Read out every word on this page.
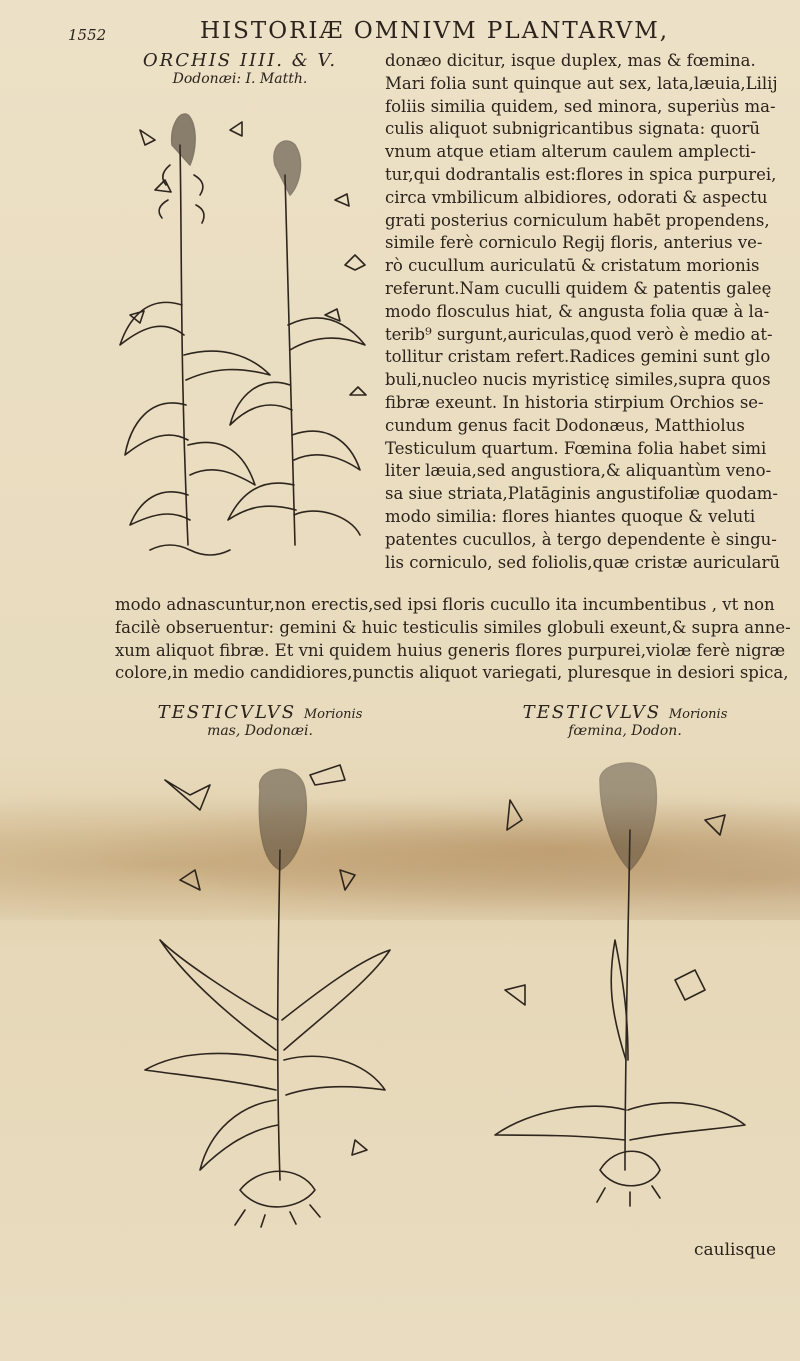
1552	HISTORIÆ OMNIVM PLANTARVM,
ORCHIS IIII. & V.
Dodonæi: I. Matth.
donæo dicitur, isque duplex, mas & fœmina.
Mari folia sunt quinque aut sex, lata,læuia,Lilij
foliis similia quidem, sed minora, superiùs ma-
culis aliquot subnigricantibus signata: quorū
vnum atque etiam alterum caulem amplecti-
tur,qui dodrantalis est:flores in spica purpurei,
circa vmbilicum albidiores, odorati & aspectu
grati posterius corniculum habēt propendens,
simile ferè corniculo Regij floris, anterius ve-
rò cucullum auriculatū & cristatum morionis
referunt.Nam cuculli quidem & patentis galeę
modo flosculus hiat, & angusta folia quæ à la-
terib⁹ surgunt,auriculas,quod verò è medio at-
tollitur cristam refert.Radices gemini sunt glo
buli,nucleo nucis myristicę similes,supra quos
fibræ exeunt. In historia stirpium Orchios se-
cundum genus facit Dodonæus, Matthiolus
Testiculum quartum. Fœmina folia habet simi
liter læuia,sed angustiora,& aliquantùm veno-
sa siue striata,Platāginis angustifoliæ quodam-
modo similia: flores hiantes quoque & veluti
patentes cucullos, à tergo dependente è singu-
lis corniculo, sed foliolis,quæ cristæ auricularū
modo adnascuntur,non erectis,sed ipsi floris cucullo ita incumbentibus , vt non
facilè obseruentur: gemini & huic testiculis similes globuli exeunt,& supra anne-
xum aliquot fibræ. Et vni quidem huius generis flores purpurei,violæ ferè nigræ
colore,in medio candidiores,punctis aliquot variegati, pluresque in desiori spica,
TESTICVLVS Morionis
mas, Dodonæi.
TESTICVLVS Morionis
fœmina, Dodon.
caulisque
